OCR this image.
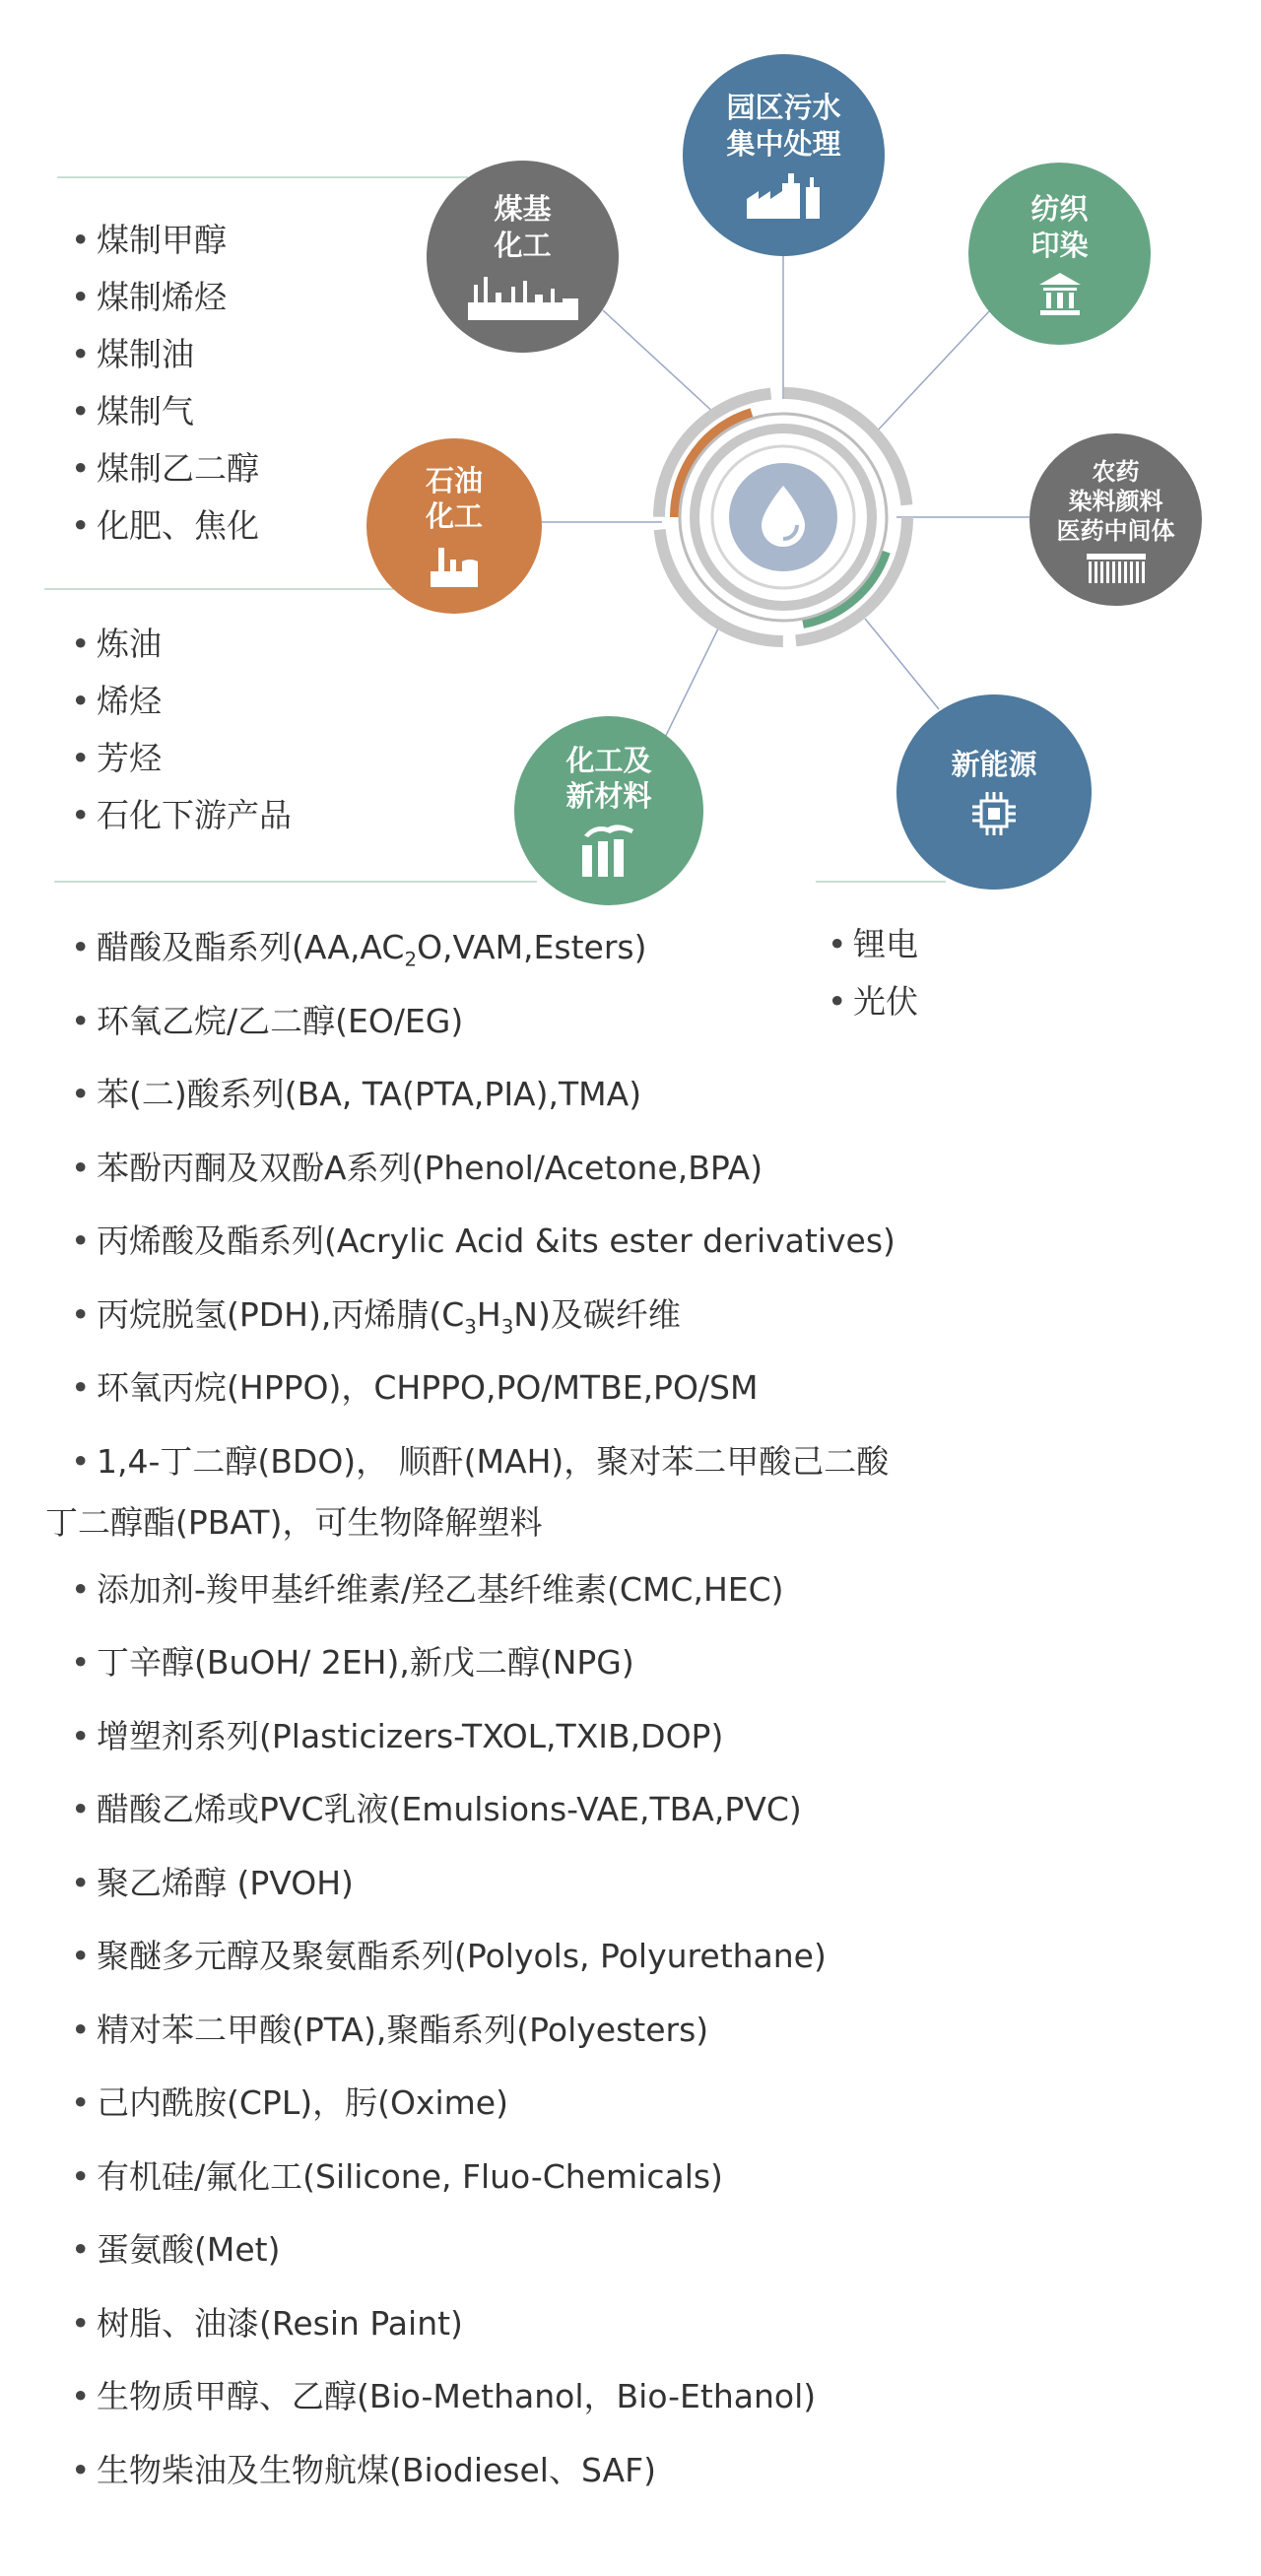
园区污水
集中处理
纺织
印染
煤基
化工
农药
染料颜料
医药中间体
石油
化工
化工及
新材料
新能源
• 煤制甲醇
• 煤制烯烃
• 煤制油
• 煤制气
• 煤制乙二醇
• 化肥、焦化
• 炼油
• 烯烃
• 芳烃
• 石化下游产品
• 锂电
• 光伏
• 醋酸及酯系列$(AA,AC_2O,VAM,Esters)$
• 环氧乙烷/乙二醇(EO/EG)
• 苯(二)酸系列(BA, TA(PTA,PIA),TMA)
• 苯酚丙酮及双酚A系列(Phenol/Acetone,BPA)
• 丙烯酸及酯系列(Acrylic Acid &its ester derivatives)
• 丙烷脱氢(PDH),丙烯腈$(C_3H_3N)$及碳纤维
• 环氧丙烷(HPPO)，CHPPO,PO/MTBE,PO/SM
• 1,4-丁二醇(BDO)， 顺酐(MAH)，聚对苯二甲酸己二酸
丁二醇酯(PBAT)，可生物降解塑料
• 添加剂-羧甲基纤维素/羟乙基纤维素(CMC,HEC)
• 丁辛醇(BuOH/ 2EH),新戊二醇(NPG)
• 增塑剂系列(Plasticizers-TXOL,TXIB,DOP)
• 醋酸乙烯或PVC乳液(Emulsions-VAE,TBA,PVC)
• 聚乙烯醇 (PVOH)
• 聚醚多元醇及聚氨酯系列(Polyols, Polyurethane)
• 精对苯二甲酸(PTA),聚酯系列(Polyesters)
• 己内酰胺(CPL)，肟(Oxime)
• 有机硅/氟化工(Silicone, Fluo-Chemicals)
• 蛋氨酸(Met)
• 树脂、油漆(Resin Paint)
• 生物质甲醇、乙醇(Bio-Methanol，Bio-Ethanol)
• 生物柴油及生物航煤(Biodiesel、SAF)
